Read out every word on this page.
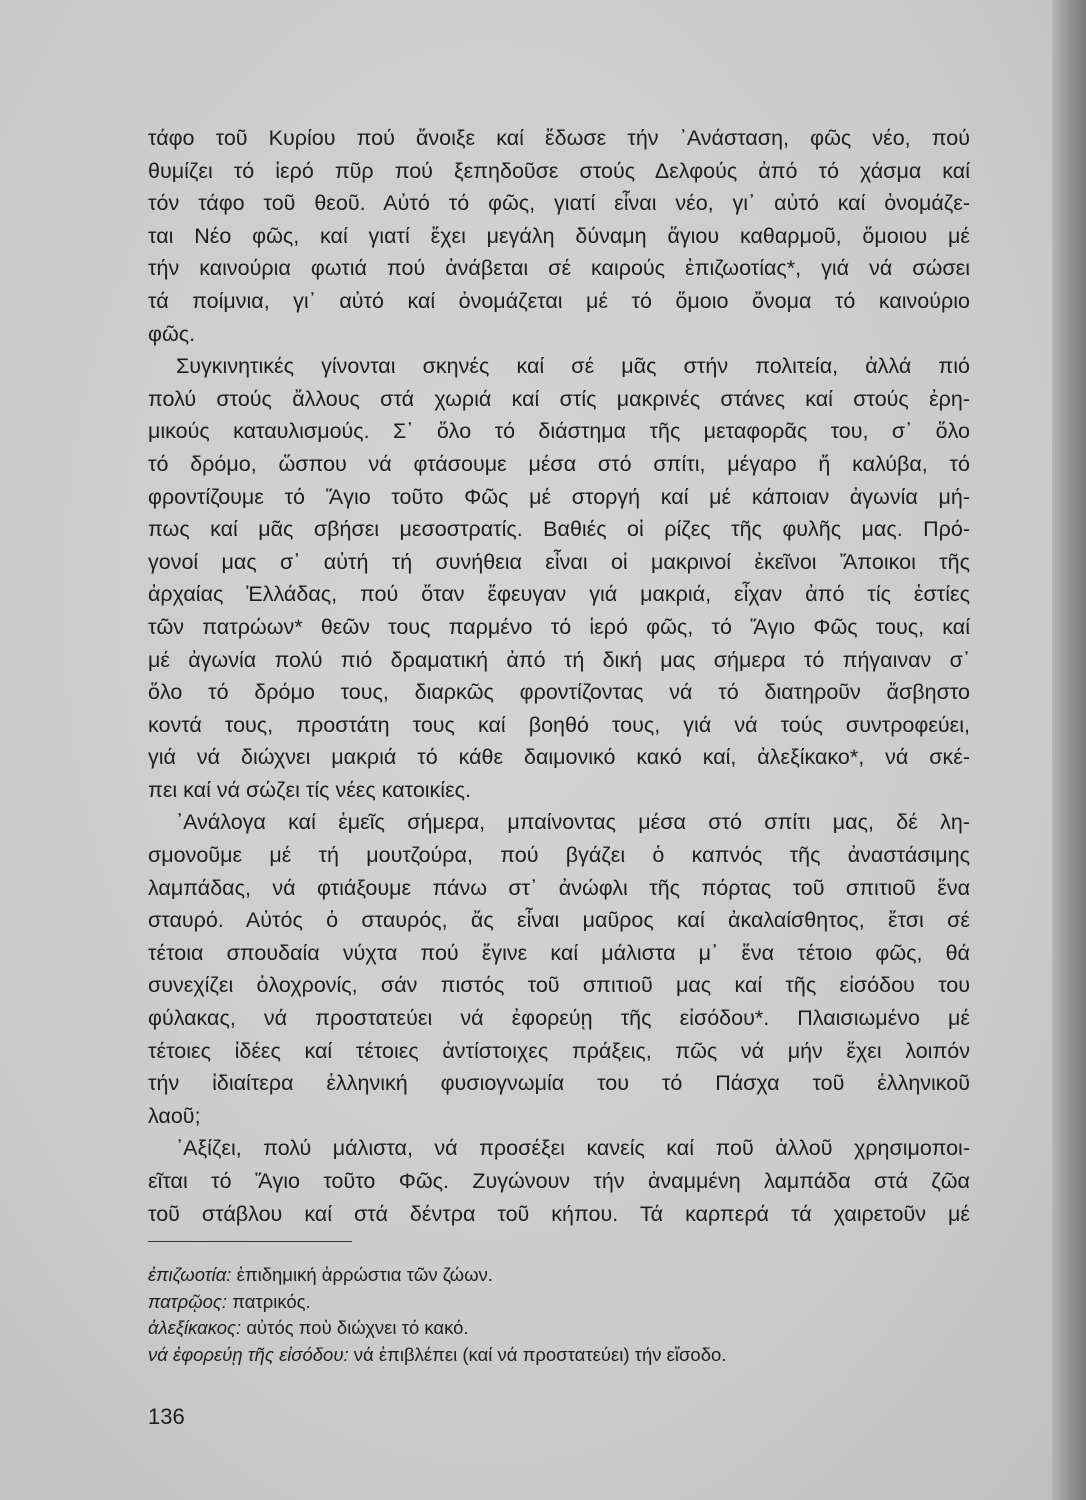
τάφο τοῦ Κυρίου πού ἄνοιξε καί ἔδωσε τήν ᾿Ανάσταση, φῶς νέο, πού
θυμίζει τό ἱερό πῦρ πού ξεπηδοῦσε στούς Δελφούς ἀπό τό χάσμα καί
τόν τάφο τοῦ θεοῦ. Αὐτό τό φῶς, γιατί εἶναι νέο, γι᾿ αὐτό καί ὀνομάζε-
ται Νέο φῶς, καί γιατί ἔχει μεγάλη δύναμη ἅγιου καθαρμοῦ, ὅμοιου μέ
τήν καινούρια φωτιά πού ἀνάβεται σέ καιρούς ἐπιζωοτίας*, γιά νά σώσει
τά ποίμνια, γι᾿ αὐτό καί ὀνομάζεται μέ τό ὅμοιο ὄνομα τό καινούριο
φῶς.
Συγκινητικές γίνονται σκηνές καί σέ μᾶς στήν πολιτεία, ἀλλά πιό
πολύ στούς ἄλλους στά χωριά καί στίς μακρινές στάνες καί στούς ἐρη-
μικούς καταυλισμούς. Σ᾿ ὅλο τό διάστημα τῆς μεταφορᾶς του, σ᾿ ὅλο
τό δρόμο, ὥσπου νά φτάσουμε μέσα στό σπίτι, μέγαρο ἤ καλύβα, τό
φροντίζουμε τό Ἅγιο τοῦτο Φῶς μέ στοργή καί μέ κάποιαν ἀγωνία μή-
πως καί μᾶς σβήσει μεσοστρατίς. Βαθιές οἱ ρίζες τῆς φυλῆς μας. Πρό-
γονοί μας σ᾿ αὐτή τή συνήθεια εἶναι οἱ μακρινοί ἐκεῖνοι Ἄποικοι τῆς
ἀρχαίας Ἑλλάδας, πού ὅταν ἔφευγαν γιά μακριά, εἶχαν ἀπό τίς ἑστίες
τῶν πατρώων* θεῶν τους παρμένο τό ἱερό φῶς, τό Ἅγιο Φῶς τους, καί
μέ ἀγωνία πολύ πιό δραματική ἀπό τή δική μας σήμερα τό πήγαιναν σ᾿
ὅλο τό δρόμο τους, διαρκῶς φροντίζοντας νά τό διατηροῦν ἄσβηστο
κοντά τους, προστάτη τους καί βοηθό τους, γιά νά τούς συντροφεύει,
γιά νά διώχνει μακριά τό κάθε δαιμονικό κακό καί, ἀλεξίκακο*, νά σκέ-
πει καί νά σώζει τίς νέες κατοικίες.
᾿Ανάλογα καί ἐμεῖς σήμερα, μπαίνοντας μέσα στό σπίτι μας, δέ λη-
σμονοῦμε μέ τή μουτζούρα, πού βγάζει ὁ καπνός τῆς ἀναστάσιμης
λαμπάδας, νά φτιάξουμε πάνω στ᾿ ἀνώφλι τῆς πόρτας τοῦ σπιτιοῦ ἕνα
σταυρό. Αὐτός ὁ σταυρός, ἄς εἶναι μαῦρος καί ἀκαλαίσθητος, ἔτσι σέ
τέτοια σπουδαία νύχτα πού ἔγινε καί μάλιστα μ᾿ ἕνα τέτοιο φῶς, θά
συνεχίζει ὁλοχρονίς, σάν πιστός τοῦ σπιτιοῦ μας καί τῆς εἰσόδου του
φύλακας, νά προστατεύει νά ἐφορεύῃ τῆς εἰσόδου*. Πλαισιωμένο μέ
τέτοιες ἰδέες καί τέτοιες ἀντίστοιχες πράξεις, πῶς νά μήν ἔχει λοιπόν
τήν ἰδιαίτερα ἑλληνική φυσιογνωμία του τό Πάσχα τοῦ ἑλληνικοῦ
λαοῦ;
᾿Αξίζει, πολύ μάλιστα, νά προσέξει κανείς καί ποῦ ἀλλοῦ χρησιμοποι-
εῖται τό Ἅγιο τοῦτο Φῶς. Ζυγώνουν τήν ἀναμμένη λαμπάδα στά ζῶα
τοῦ στάβλου καί στά δέντρα τοῦ κήπου. Τά καρπερά τά χαιρετοῦν μέ
ἐπιζωοτία: ἐπιδημική ἀρρώστια τῶν ζώων.
πατρῷος: πατρικός.
ἀλεξίκακος: αὐτός ποὺ διώχνει τό κακό.
νά ἐφορεύῃ τῆς εἰσόδου: νά ἐπιβλέπει (καί νά προστατεύει) τήν εἴσοδο.
136
